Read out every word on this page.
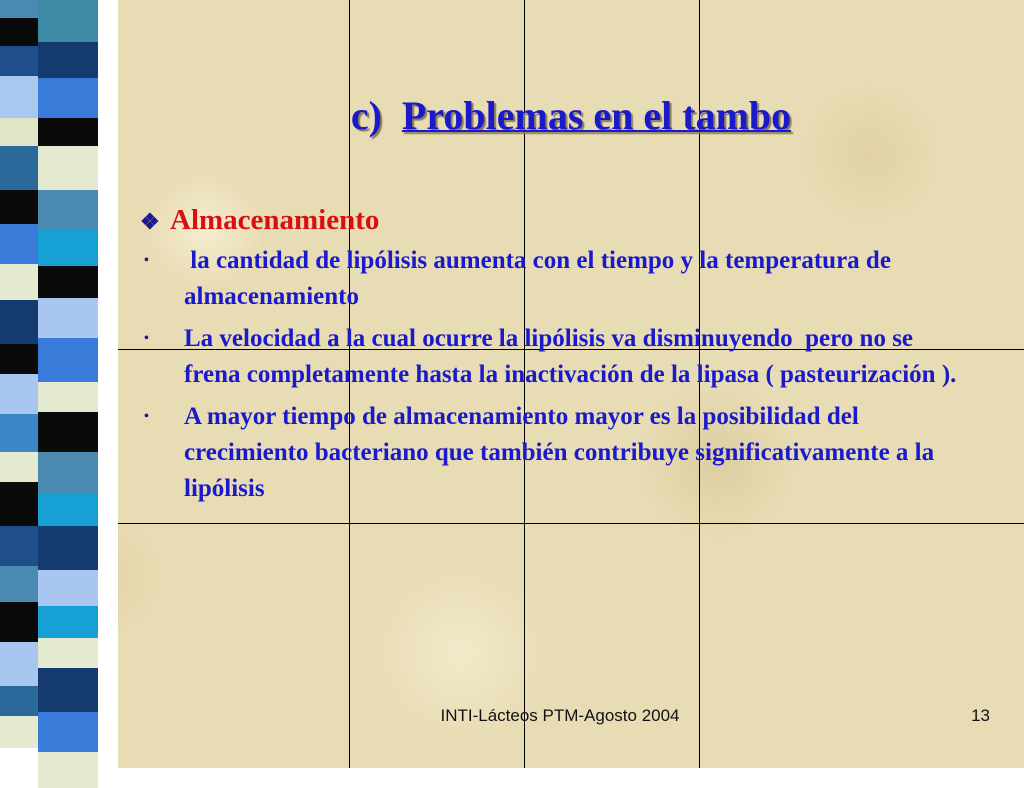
c) Problemas en el tambo
❖ Almacenamiento
•	la cantidad de lipólisis aumenta con el tiempo y la temperatura de almacenamiento
•	La velocidad a la cual ocurre la lipólisis va disminuyendo  pero no se frena completamente hasta la inactivación de la lipasa ( pasteurización ).
•	A mayor tiempo de almacenamiento mayor es la posibilidad del crecimiento bacteriano que también contribuye significativamente a la lipólisis
INTI-Lácteos PTM-Agosto 2004	13
